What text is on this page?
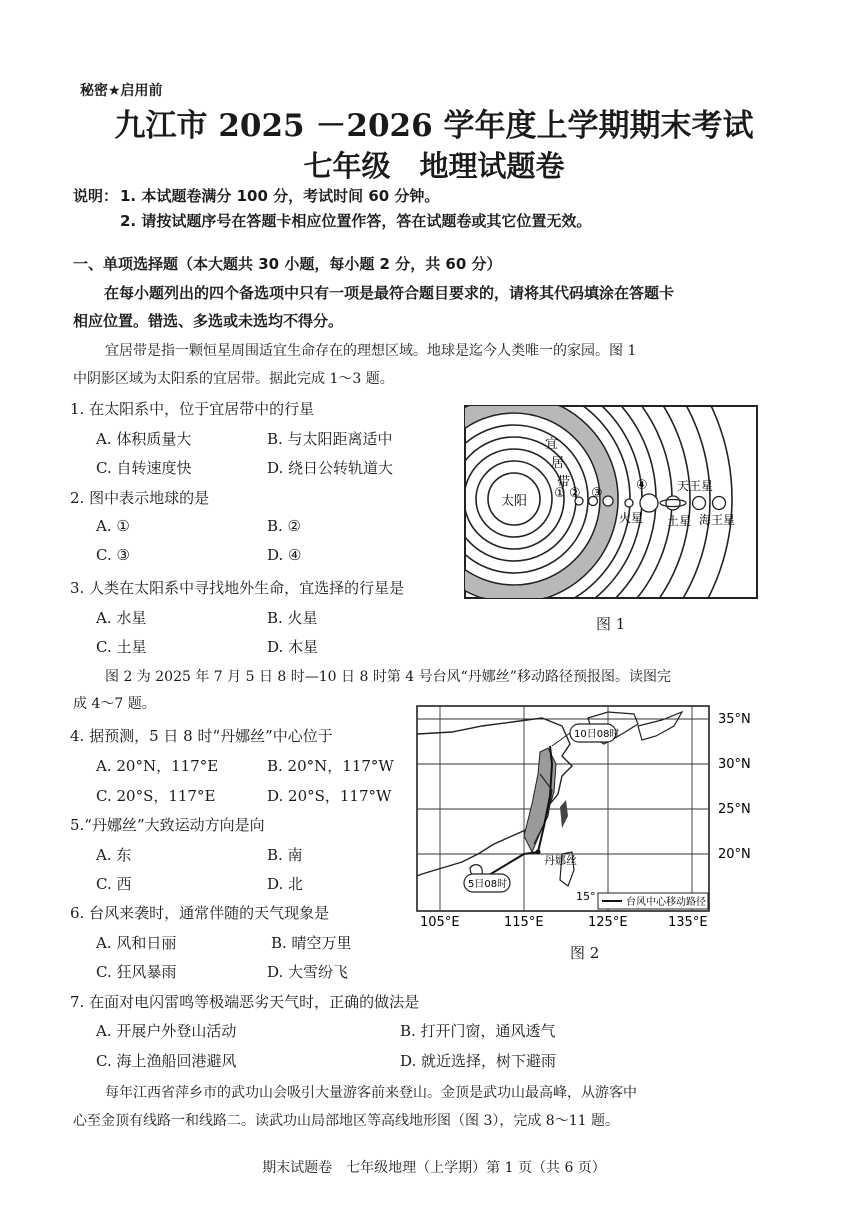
秘密★启用前
九江市 2025 －2026 学年度上学期期末考试
七年级　地理试题卷
说明： 1. 本试题卷满分 100 分，考试时间 60 分钟。
2. 请按试题序号在答题卡相应位置作答，答在试题卷或其它位置无效。
一、单项选择题（本大题共 30 小题，每小题 2 分，共 60 分）
在每小题列出的四个备选项中只有一项是最符合题目要求的，请将其代码填涂在答题卡
相应位置。错选、多选或未选均不得分。
宜居带是指一颗恒星周围适宜生命存在的理想区域。地球是迄今人类唯一的家园。图 1
中阴影区域为太阳系的宜居带。据此完成 1～3 题。
1. 在太阳系中，位于宜居带中的行星
A. 体积质量大	B. 与太阳距离适中
C. 自转速度快	D. 绕日公转轨道大
2. 图中表示地球的是
A. ①	B. ②
C. ③	D. ④
3. 人类在太阳系中寻找地外生命，宜选择的行星是
A. 水星	B. 火星
C. 土星	D. 木星
太阳
宜
居
带
① ② ③
④
火星 土星
天王星
海王星
图 1
图 2 为 2025 年 7 月 5 日 8 时—10 日 8 时第 4 号台风“丹娜丝”移动路径预报图。读图完
成 4～7 题。
4. 据预测，5 日 8 时“丹娜丝”中心位于
A. 20°N，117°E	B. 20°N，117°W
C. 20°S，117°E	D. 20°S，117°W
5.“丹娜丝”大致运动方向是向
A. 东	B. 南
C. 西	D. 北
6. 台风来袭时，通常伴随的天气现象是
A. 风和日丽	B. 晴空万里
C. 狂风暴雨	D. 大雪纷飞
10日08时
5日08时
丹娜丝
15°	台风中心移动路径
35°N
30°N
25°N
20°N
105°E	115°E	125°E	135°E
图 2
7. 在面对电闪雷鸣等极端恶劣天气时，正确的做法是
A. 开展户外登山活动	B. 打开门窗，通风透气
C. 海上渔船回港避风	D. 就近选择，树下避雨
每年江西省萍乡市的武功山会吸引大量游客前来登山。金顶是武功山最高峰，从游客中
心至金顶有线路一和线路二。读武功山局部地区等高线地形图（图 3），完成 8～11 题。
期末试题卷　七年级地理（上学期）第 1 页（共 6 页）
